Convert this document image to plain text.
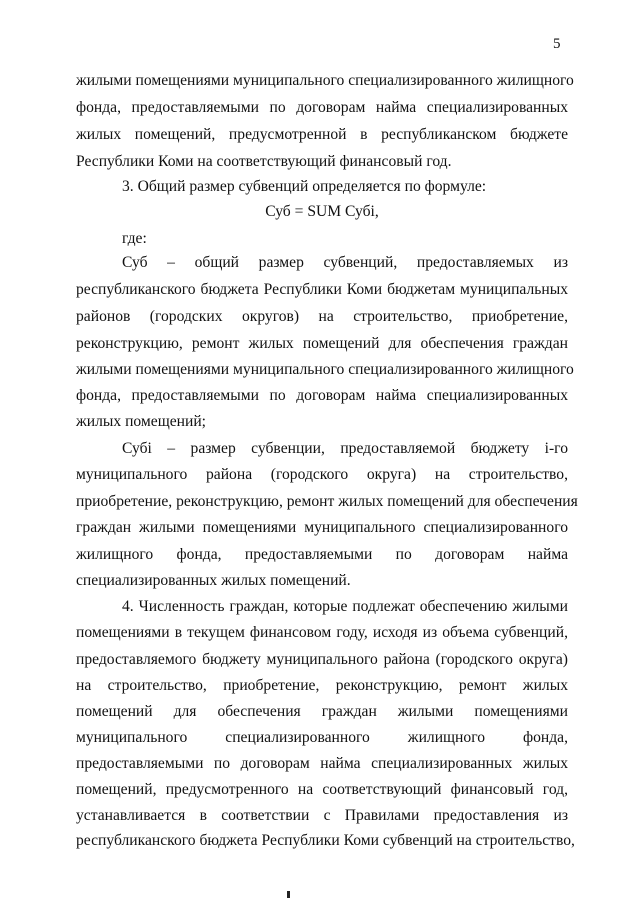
5
жилыми помещениями муниципального специализированного жилищного
фонда, предоставляемыми по договорам найма специализированных
жилых помещений, предусмотренной в республиканском бюджете
Республики Коми на соответствующий финансовый год.
3. Общий размер субвенций определяется по формуле:
Суб = SUM Субi,
где:
Суб – общий размер субвенций, предоставляемых из
республиканского бюджета Республики Коми бюджетам муниципальных
районов (городских округов) на строительство, приобретение,
реконструкцию, ремонт жилых помещений для обеспечения граждан
жилыми помещениями муниципального специализированного жилищного
фонда, предоставляемыми по договорам найма специализированных
жилых помещений;
Субi – размер субвенции, предоставляемой бюджету i-го
муниципального района (городского округа) на строительство,
приобретение, реконструкцию, ремонт жилых помещений для обеспечения
граждан жилыми помещениями муниципального специализированного
жилищного фонда, предоставляемыми по договорам найма
специализированных жилых помещений.
4. Численность граждан, которые подлежат обеспечению жилыми
помещениями в текущем финансовом году, исходя из объема субвенций,
предоставляемого бюджету муниципального района (городского округа)
на строительство, приобретение, реконструкцию, ремонт жилых
помещений для обеспечения граждан жилыми помещениями
муниципального специализированного жилищного фонда,
предоставляемыми по договорам найма специализированных жилых
помещений, предусмотренного на соответствующий финансовый год,
устанавливается в соответствии с Правилами предоставления из
республиканского бюджета Республики Коми субвенций на строительство,
